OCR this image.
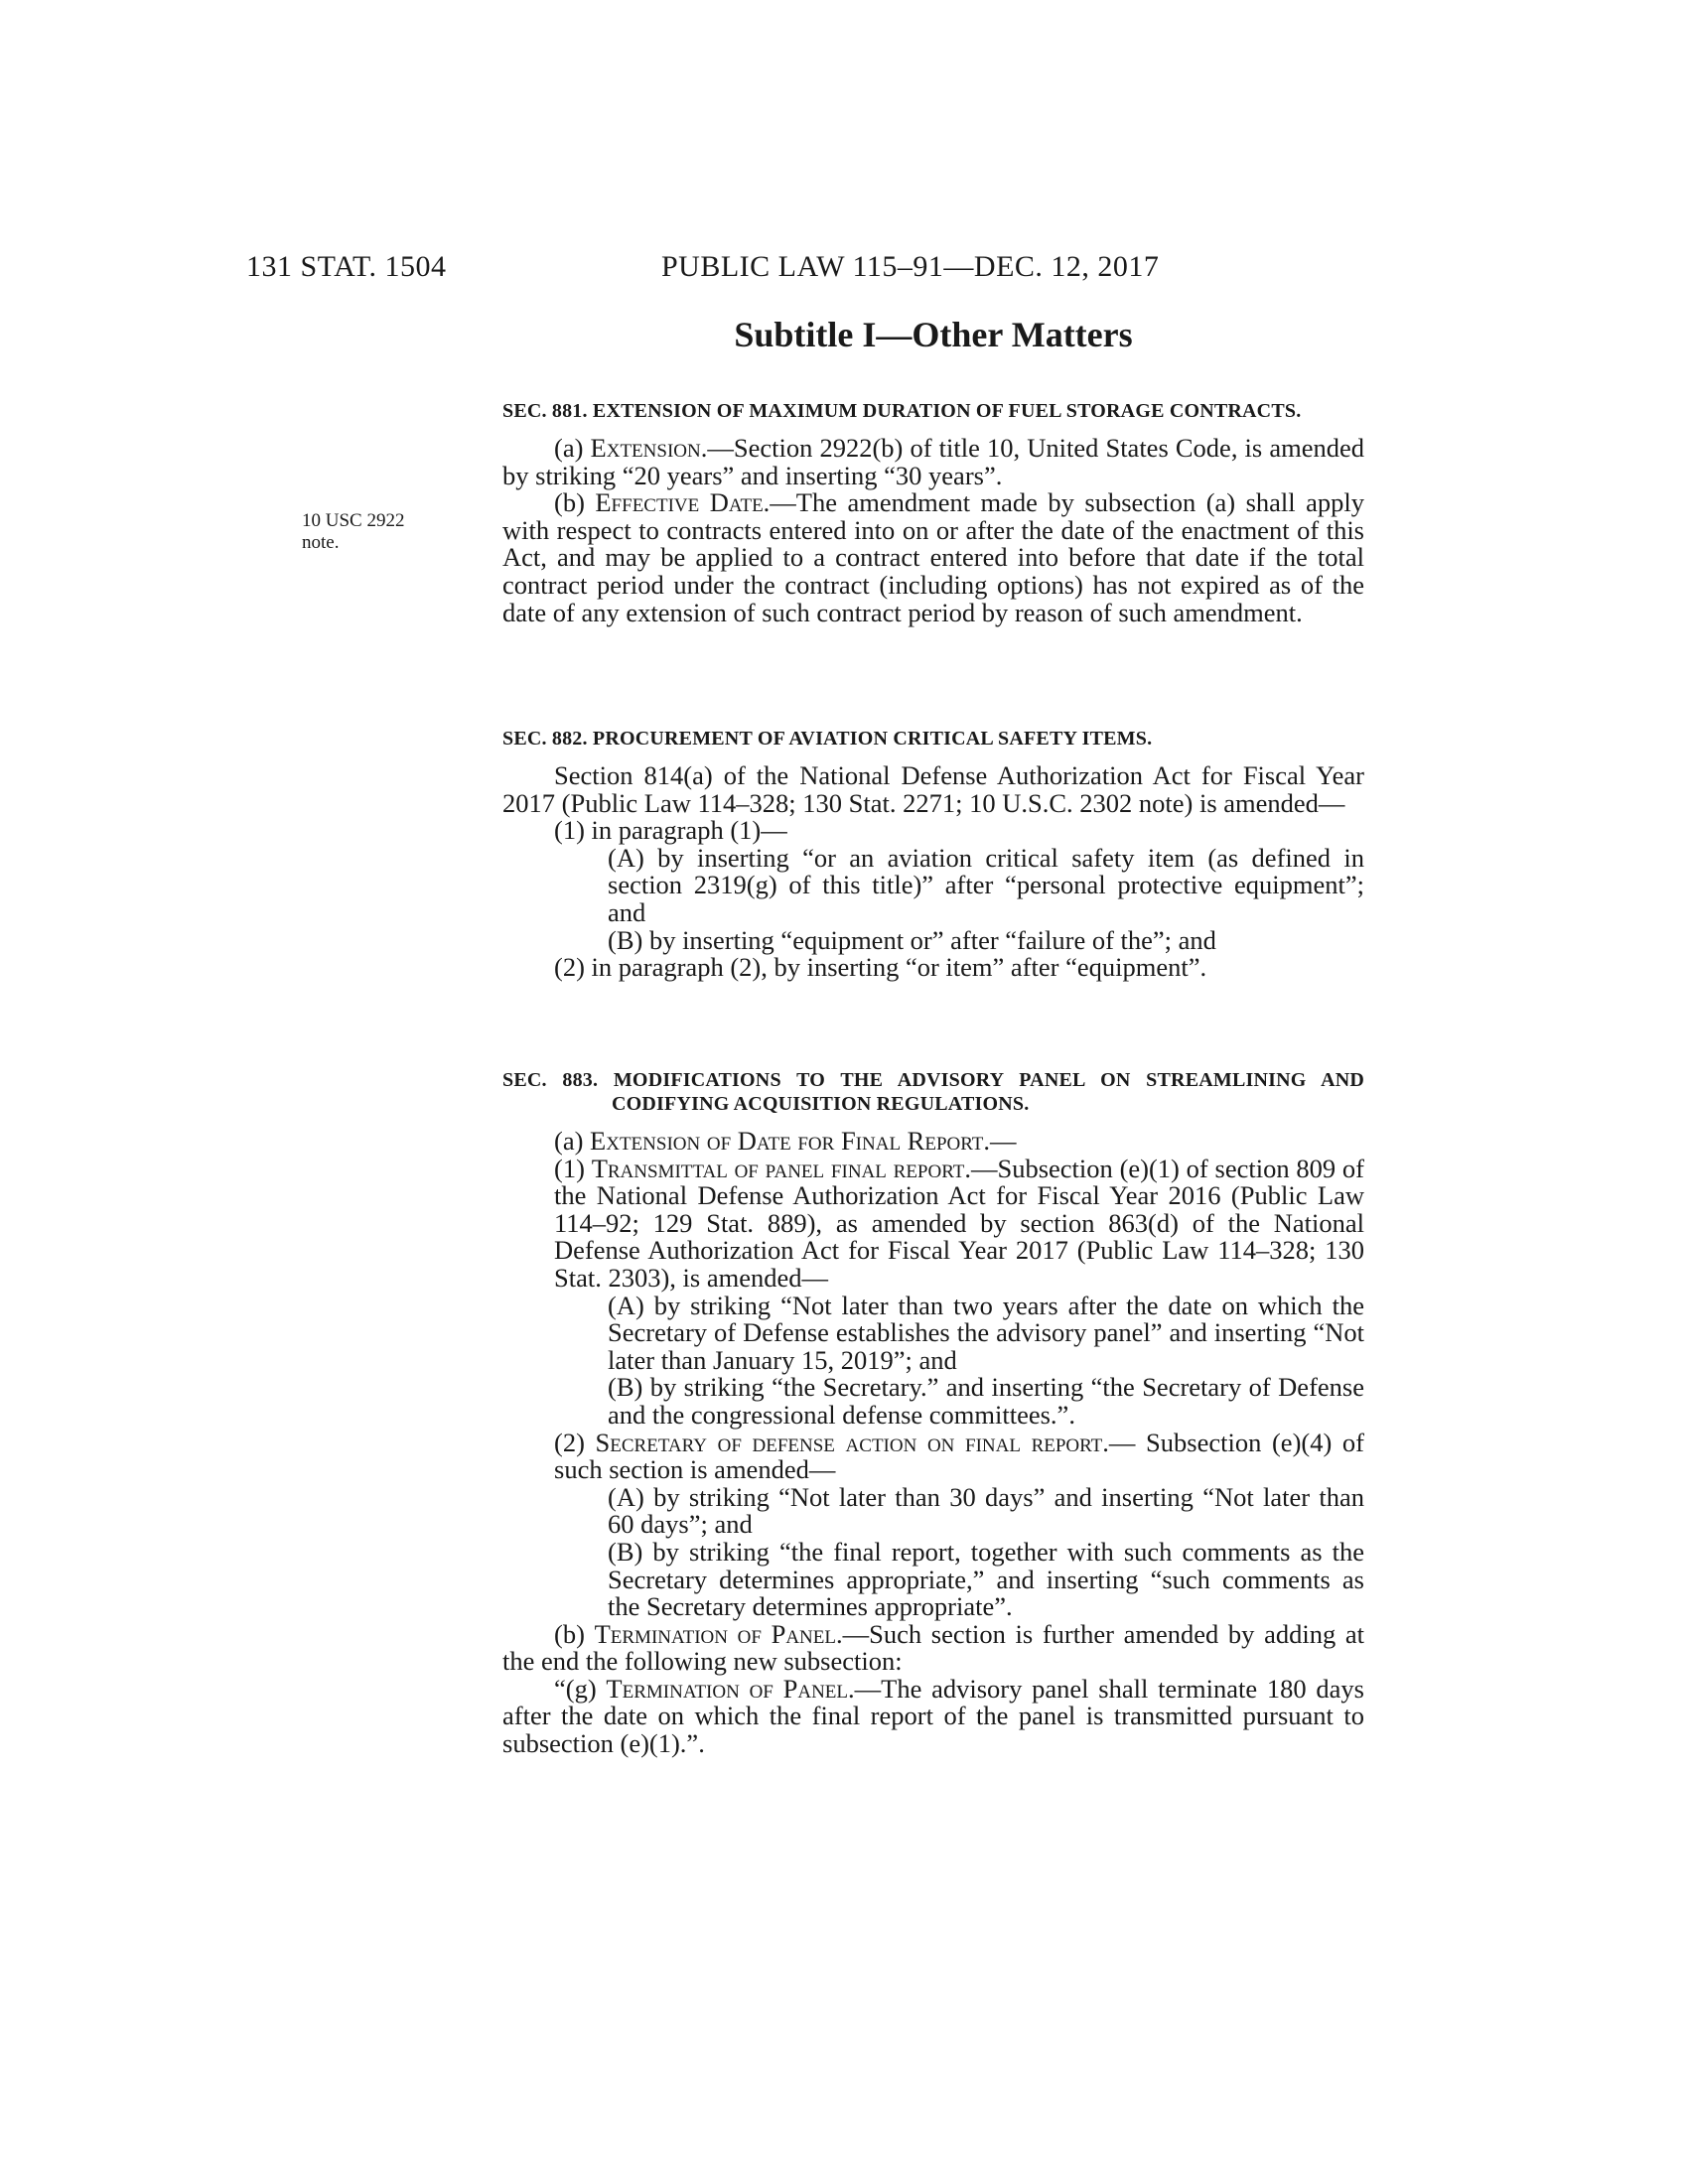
131 STAT. 1504	PUBLIC LAW 115–91—DEC. 12, 2017
Subtitle I—Other Matters
10 USC 2922
note.
SEC. 881. EXTENSION OF MAXIMUM DURATION OF FUEL STORAGE CONTRACTS.

(a) Extension.—Section 2922(b) of title 10, United States Code, is amended by striking “20 years” and inserting “30 years”.

(b) Effective Date.—The amendment made by subsection (a) shall apply with respect to contracts entered into on or after the date of the enactment of this Act, and may be applied to a contract entered into before that date if the total contract period under the contract (including options) has not expired as of the date of any extension of such contract period by reason of such amendment.

SEC. 882. PROCUREMENT OF AVIATION CRITICAL SAFETY ITEMS.

Section 814(a) of the National Defense Authorization Act for Fiscal Year 2017 (Public Law 114–328; 130 Stat. 2271; 10 U.S.C. 2302 note) is amended—

(1) in paragraph (1)—

(A) by inserting “or an aviation critical safety item (as defined in section 2319(g) of this title)” after “personal protective equipment”; and

(B) by inserting “equipment or” after “failure of the”; and

(2) in paragraph (2), by inserting “or item” after “equipment”.

SEC. 883. MODIFICATIONS TO THE ADVISORY PANEL ON STREAMLINING AND CODIFYING ACQUISITION REGULATIONS.

(a) Extension of Date for Final Report.—

(1) Transmittal of panel final report.—Subsection (e)(1) of section 809 of the National Defense Authorization Act for Fiscal Year 2016 (Public Law 114–92; 129 Stat. 889), as amended by section 863(d) of the National Defense Authorization Act for Fiscal Year 2017 (Public Law 114–328; 130 Stat. 2303), is amended—

(A) by striking “Not later than two years after the date on which the Secretary of Defense establishes the advisory panel” and inserting “Not later than January 15, 2019”; and

(B) by striking “the Secretary.” and inserting “the Secretary of Defense and the congressional defense committees.”.

(2) Secretary of defense action on final report.— Subsection (e)(4) of such section is amended—

(A) by striking “Not later than 30 days” and inserting “Not later than 60 days”; and

(B) by striking “the final report, together with such comments as the Secretary determines appropriate,” and inserting “such comments as the Secretary determines appropriate”.

(b) Termination of Panel.—Such section is further amended by adding at the end the following new subsection:

“(g) Termination of Panel.—The advisory panel shall terminate 180 days after the date on which the final report of the panel is transmitted pursuant to subsection (e)(1).”.
